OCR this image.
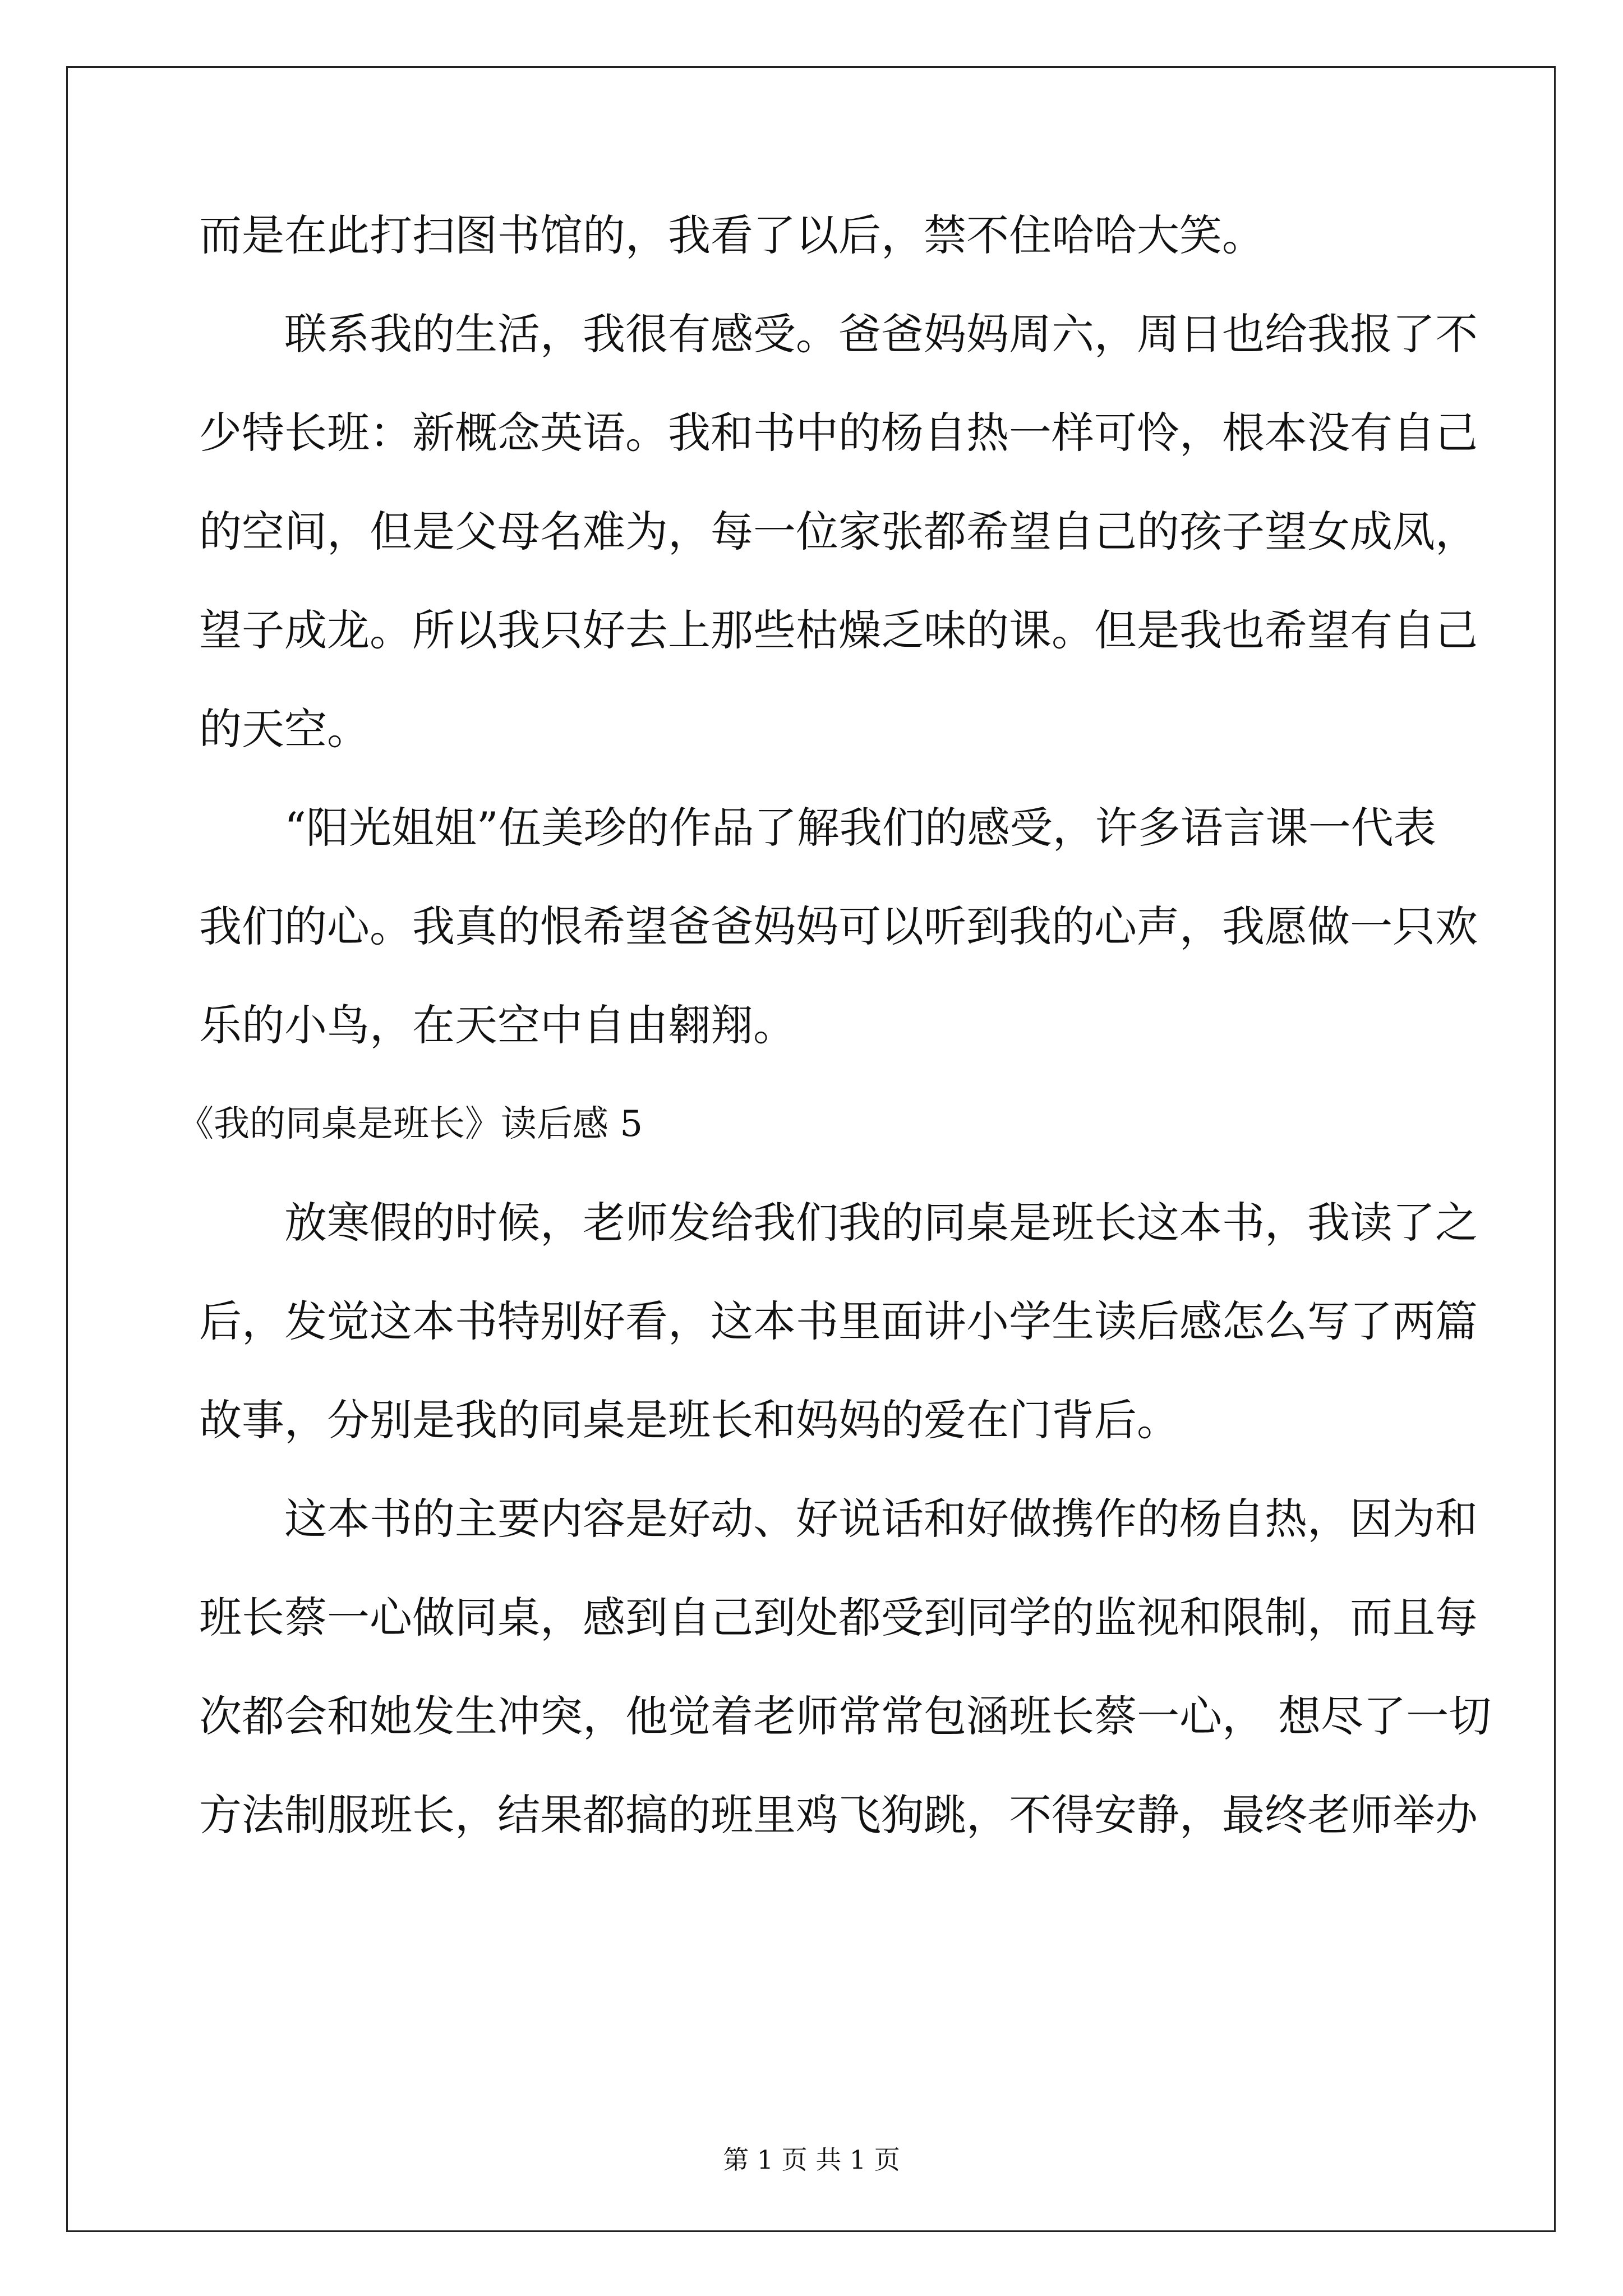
而是在此打扫图书馆的，我看了以后，禁不住哈哈大笑。
联系我的生活，我很有感受。爸爸妈妈周六，周日也给我报了不
少特长班：新概念英语。我和书中的杨自热一样可怜，根本没有自己
的空间，但是父母名难为，每一位家张都希望自己的孩子望女成凤，
望子成龙。所以我只好去上那些枯燥乏味的课。但是我也希望有自己
的天空。
“阳光姐姐”伍美珍的作品了解我们的感受，许多语言课一代表
我们的心。我真的恨希望爸爸妈妈可以听到我的心声，我愿做一只欢
乐的小鸟，在天空中自由翱翔。
《我的同桌是班长》读后感 5
放寒假的时候，老师发给我们我的同桌是班长这本书，我读了之
后，发觉这本书特别好看，这本书里面讲小学生读后感怎么写了两篇
故事，分别是我的同桌是班长和妈妈的爱在门背后。
这本书的主要内容是好动、好说话和好做携作的杨自热，因为和
班长蔡一心做同桌，感到自己到处都受到同学的监视和限制，而且每
次都会和她发生冲突，他觉着老师常常包涵班长蔡一心， 想尽了一切
方法制服班长，结果都搞的班里鸡飞狗跳，不得安静，最终老师举办
第 1 页 共 1 页
